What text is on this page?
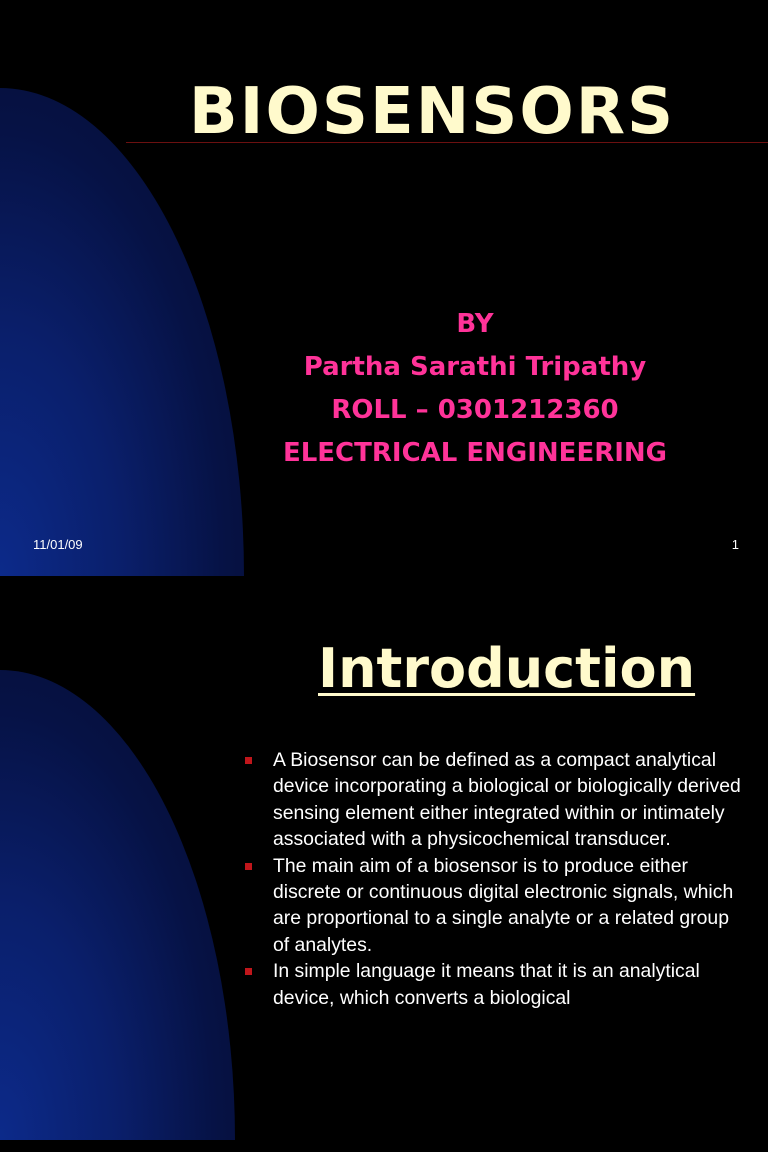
BIOSENSORS
BY
Partha Sarathi Tripathy
ROLL – 0301212360
ELECTRICAL ENGINEERING
11/01/09	1
Introduction
A Biosensor can be defined as a compact analytical device incorporating a biological or biologically derived sensing element either integrated within or intimately associated with a physicochemical transducer.
The main aim of a biosensor is to produce either discrete or continuous digital electronic signals, which are proportional to a single analyte or a related group of analytes.
In simple language it means that it is an analytical device, which converts a biological
